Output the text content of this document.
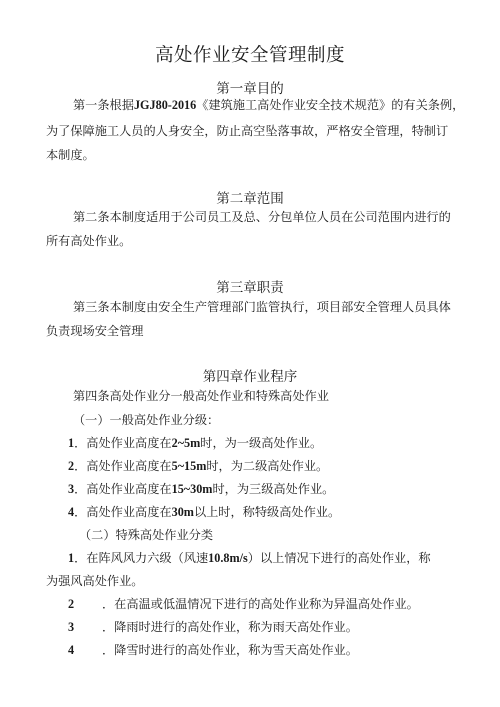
高处作业安全管理制度
第一章目的
第一条根据JGJ80-2016《建筑施工高处作业安全技术规范》的有关条例，
为了保障施工人员的人身安全，防止高空坠落事故，严格安全管理，特制订
本制度。
第二章范围
第二条本制度适用于公司员工及总、分包单位人员在公司范围内进行的
所有高处作业。
第三章职责
第三条本制度由安全生产管理部门监管执行，项目部安全管理人员具体
负责现场安全管理
第四章作业程序
第四条高处作业分一般高处作业和特殊高处作业
（一）一般高处作业分级：
1．高处作业高度在2~5m时，为一级高处作业。
2．高处作业高度在5~15m时，为二级高处作业。
3．高处作业高度在15~30m时，为三级高处作业。
4．高处作业高度在30m以上时，称特级高处作业。
（二）特殊高处作业分类
1．在阵风风力六级（风速10.8m/s）以上情况下进行的高处作业，称
为强风高处作业。
2 ．在高温或低温情况下进行的高处作业称为异温高处作业。
3 ．降雨时进行的高处作业，称为雨天高处作业。
4 ．降雪时进行的高处作业，称为雪天高处作业。
